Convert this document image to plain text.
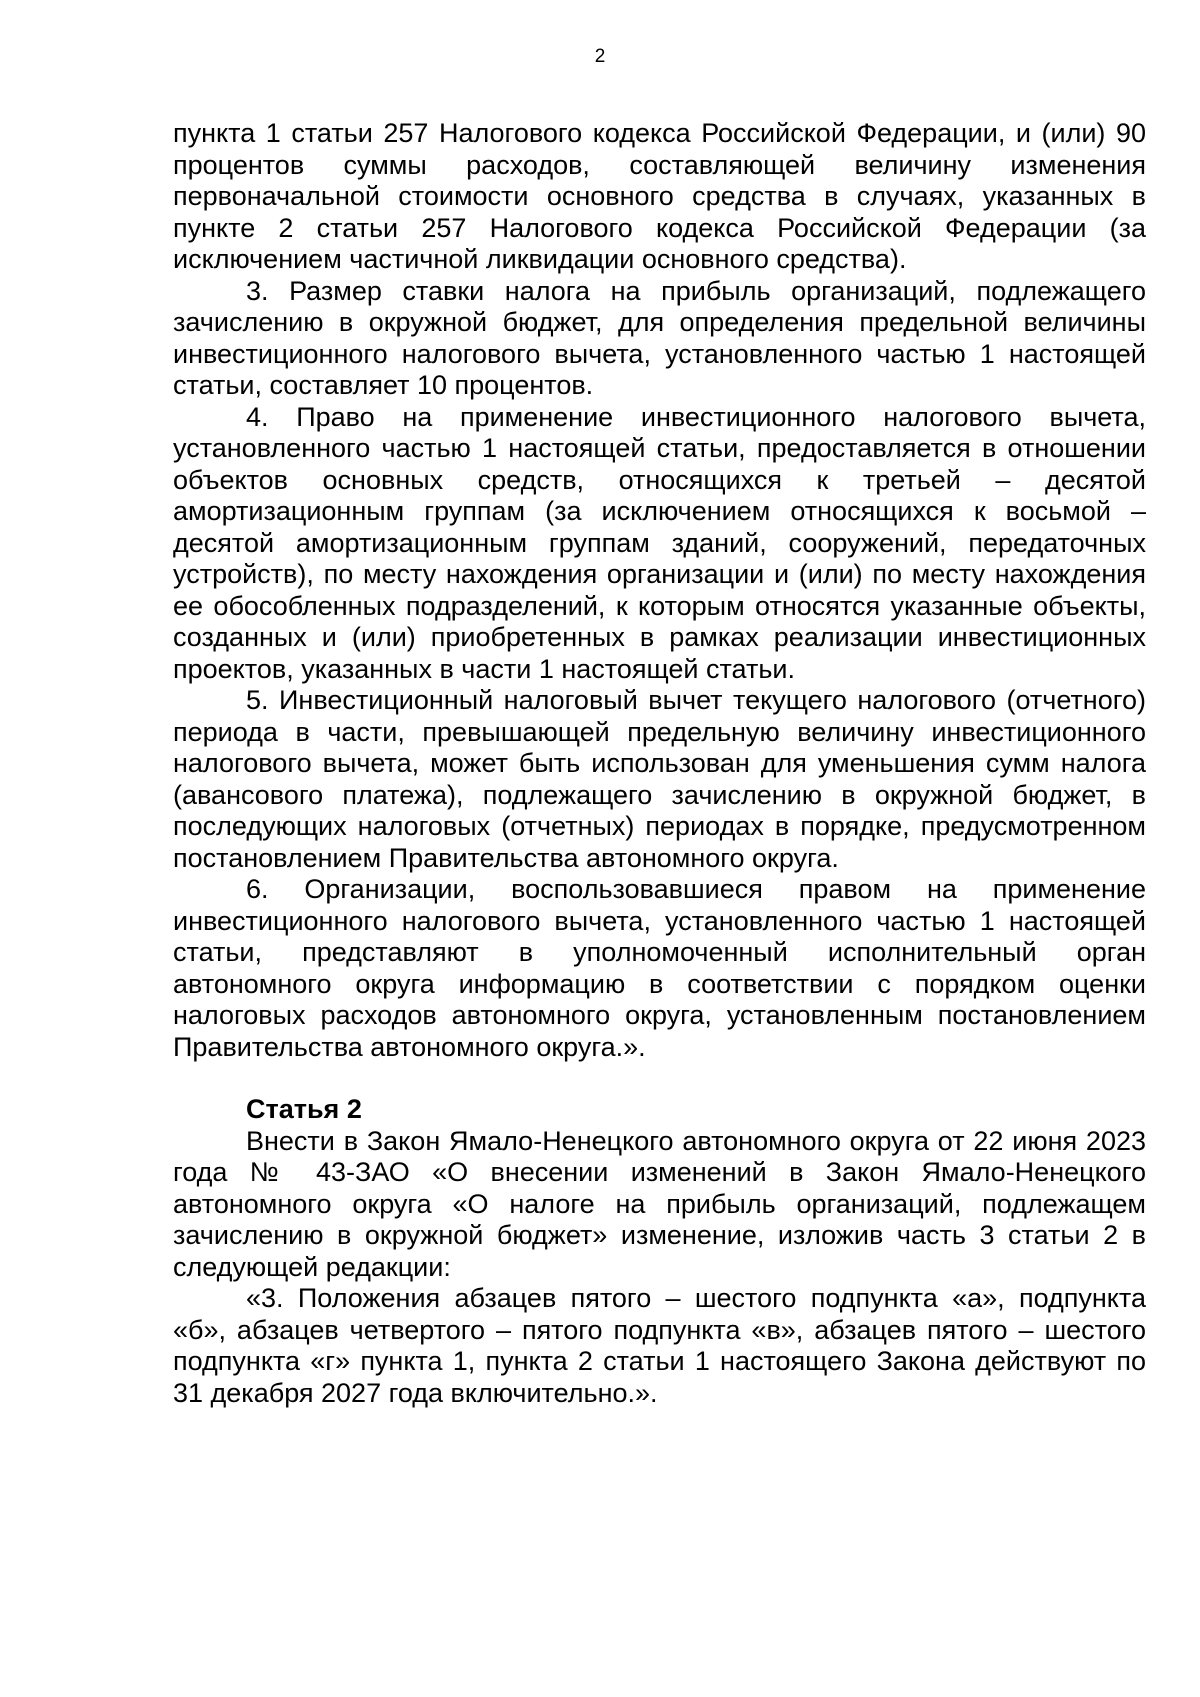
2

пункта 1 статьи 257 Налогового кодекса Российской Федерации, и (или) 90 процентов суммы расходов, составляющей величину изменения первоначальной стоимости основного средства в случаях, указанных в пункте 2 статьи 257 Налогового кодекса Российской Федерации (за исключением частичной ликвидации основного средства).

3. Размер ставки налога на прибыль организаций, подлежащего зачислению в окружной бюджет, для определения предельной величины инвестиционного налогового вычета, установленного частью 1 настоящей статьи, составляет 10 процентов.

4. Право на применение инвестиционного налогового вычета, установленного частью 1 настоящей статьи, предоставляется в отношении объектов основных средств, относящихся к третьей – десятой амортизационным группам (за исключением относящихся к восьмой – десятой амортизационным группам зданий, сооружений, передаточных устройств), по месту нахождения организации и (или) по месту нахождения ее обособленных подразделений, к которым относятся указанные объекты, созданных и (или) приобретенных в рамках реализации инвестиционных проектов, указанных в части 1 настоящей статьи.

5. Инвестиционный налоговый вычет текущего налогового (отчетного) периода в части, превышающей предельную величину инвестиционного налогового вычета, может быть использован для уменьшения сумм налога (авансового платежа), подлежащего зачислению в окружной бюджет, в последующих налоговых (отчетных) периодах в порядке, предусмотренном постановлением Правительства автономного округа.

6. Организации, воспользовавшиеся правом на применение инвестиционного налогового вычета, установленного частью 1 настоящей статьи, представляют в уполномоченный исполнительный орган автономного округа информацию в соответствии с порядком оценки налоговых расходов автономного округа, установленным постановлением Правительства автономного округа.».

Статья 2

Внести в Закон Ямало-Ненецкого автономного округа от 22 июня 2023 года № 43-ЗАО «О внесении изменений в Закон Ямало-Ненецкого автономного округа «О налоге на прибыль организаций, подлежащем зачислению в окружной бюджет» изменение, изложив часть 3 статьи 2 в следующей редакции:

«3. Положения абзацев пятого – шестого подпункта «а», подпункта «б», абзацев четвертого – пятого подпункта «в», абзацев пятого – шестого подпункта «г» пункта 1, пункта 2 статьи 1 настоящего Закона действуют по 31 декабря 2027 года включительно.».
